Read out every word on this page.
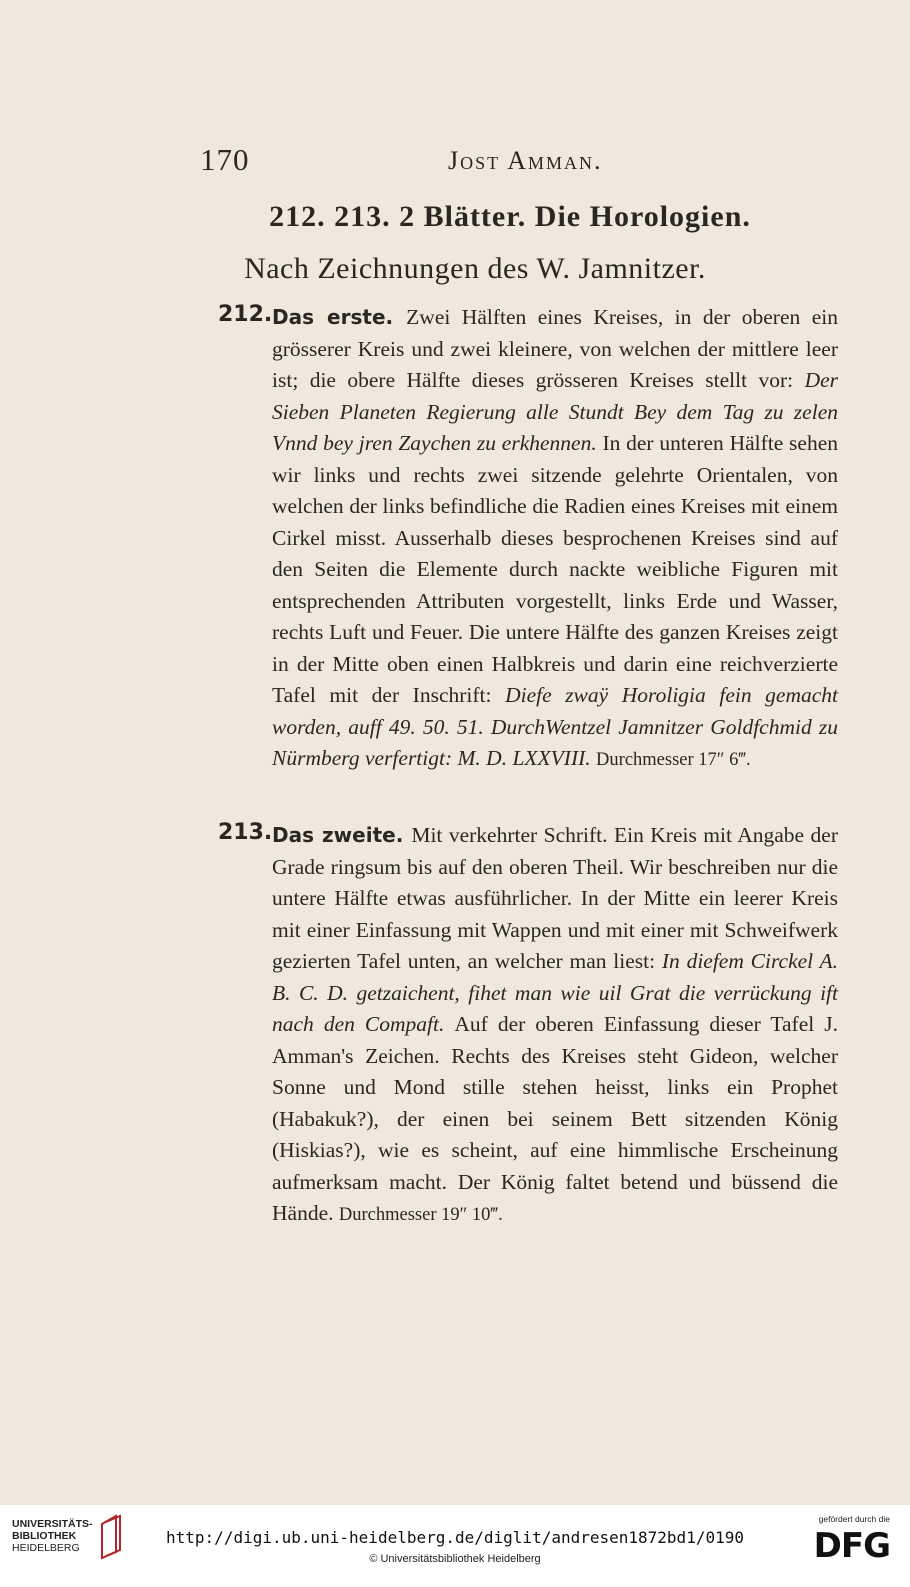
170	Jost Amman.
212. 213. 2 Blätter. Die Horologien.
Nach Zeichnungen des W. Jamnitzer.
212. Das erste. Zwei Hälften eines Kreises, in der oberen ein grösserer Kreis und zwei kleinere, von welchen der mittlere leer ist; die obere Hälfte dieses grösseren Kreises stellt vor: Der Sieben Planeten Regierung alle Stundt Bey dem Tag zu zelen Vnnd bey jren Zaychen zu erkhennen. In der unteren Hälfte sehen wir links und rechts zwei sitzende gelehrte Orientalen, von welchen der links befindliche die Radien eines Kreises mit einem Cirkel misst. Ausserhalb dieses besprochenen Kreises sind auf den Seiten die Elemente durch nackte weibliche Figuren mit entsprechenden Attributen vorgestellt, links Erde und Wasser, rechts Luft und Feuer. Die untere Hälfte des ganzen Kreises zeigt in der Mitte oben einen Halbkreis und darin eine reichverzierte Tafel mit der Inschrift: Diefe zwaÿ Horoligia fein gemacht worden, auff 49. 50. 51. DurchWentzel Jamnitzer Goldfchmid zu Nürmberg verfertigt: M. D. LXXVIII. Durchmesser 17″ 6‴.
213. Das zweite. Mit verkehrter Schrift. Ein Kreis mit Angabe der Grade ringsum bis auf den oberen Theil. Wir beschreiben nur die untere Hälfte etwas ausführlicher. In der Mitte ein leerer Kreis mit einer Einfassung mit Wappen und mit einer mit Schweifwerk gezierten Tafel unten, an welcher man liest: In diefem Circkel A. B. C. D. getzaichent, fihet man wie uil Grat die verrückung ift nach den Compaft. Auf der oberen Einfassung dieser Tafel J. Amman's Zeichen. Rechts des Kreises steht Gideon, welcher Sonne und Mond stille stehen heisst, links ein Prophet (Habakuk?), der einen bei seinem Bett sitzenden König (Hiskias?), wie es scheint, auf eine himmlische Erscheinung aufmerksam macht. Der König faltet betend und büssend die Hände. Durchmesser 19″ 10‴.
UNIVERSITÄTS-
BIBLIOTHEK
HEIDELBERG
http://digi.ub.uni-heidelberg.de/diglit/andresen1872bd1/0190
© Universitätsbibliothek Heidelberg
gefördert durch die
DFG
